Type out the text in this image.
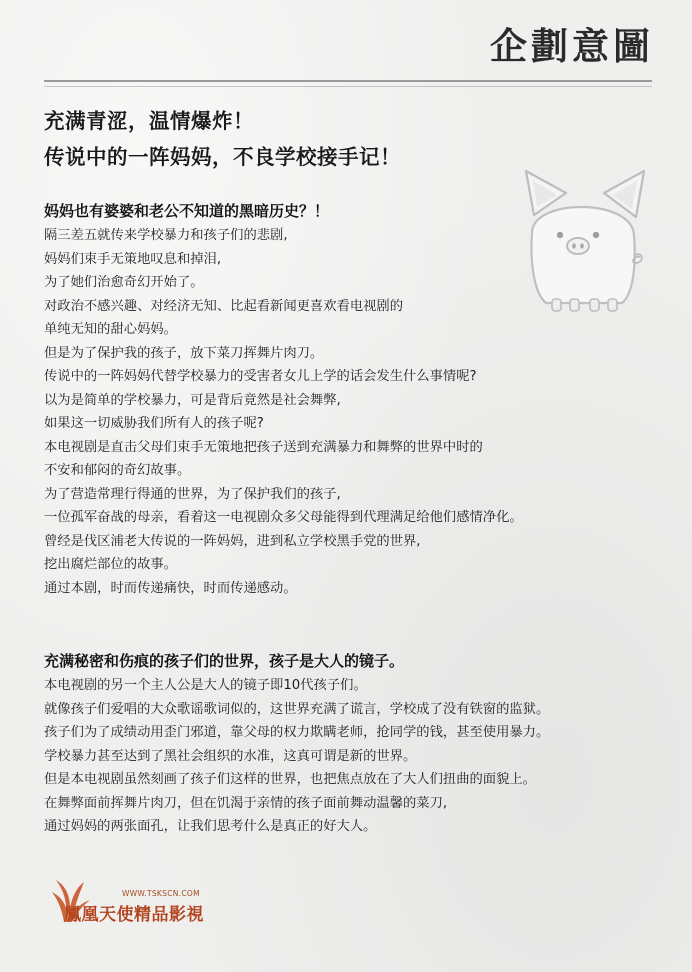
企劃意圖
充满青涩，温情爆炸！
传说中的一阵妈妈，不良学校接手记！
妈妈也有婆婆和老公不知道的黑暗历史？！
隔三差五就传来学校暴力和孩子们的悲剧,
妈妈们束手无策地叹息和掉泪,
为了她们治愈奇幻开始了。
对政治不感兴趣、对经济无知、比起看新闻更喜欢看电视剧的
单纯无知的甜心妈妈。
但是为了保护我的孩子，放下菜刀挥舞片肉刀。
传说中的一阵妈妈代替学校暴力的受害者女儿上学的话会发生什么事情呢?
以为是简单的学校暴力，可是背后竟然是社会舞弊,
如果这一切威胁我们所有人的孩子呢?
本电视剧是直击父母们束手无策地把孩子送到充满暴力和舞弊的世界中时的
不安和郁闷的奇幻故事。
为了营造常理行得通的世界，为了保护我们的孩子,
一位孤军奋战的母亲，看着这一电视剧众多父母能得到代理满足给他们感情净化。
曾经是伐区浦老大传说的一阵妈妈，进到私立学校黑手党的世界,
挖出腐烂部位的故事。
通过本剧，时而传递痛快，时而传递感动。
充满秘密和伤痕的孩子们的世界，孩子是大人的镜子。
本电视剧的另一个主人公是大人的镜子即10代孩子们。
就像孩子们爱唱的大众歌谣歌词似的，这世界充满了谎言，学校成了没有铁窗的监狱。
孩子们为了成绩动用歪门邪道，靠父母的权力欺瞒老师，抢同学的钱，甚至使用暴力。
学校暴力甚至达到了黑社会组织的水准，这真可谓是新的世界。
但是本电视剧虽然刻画了孩子们这样的世界，也把焦点放在了大人们扭曲的面貌上。
在舞弊面前挥舞片肉刀，但在饥渴于亲情的孩子面前舞动温馨的菜刀,
通过妈妈的两张面孔，让我们思考什么是真正的好大人。
WWW.TSKSCN.COM
鳳凰天使精品影視
